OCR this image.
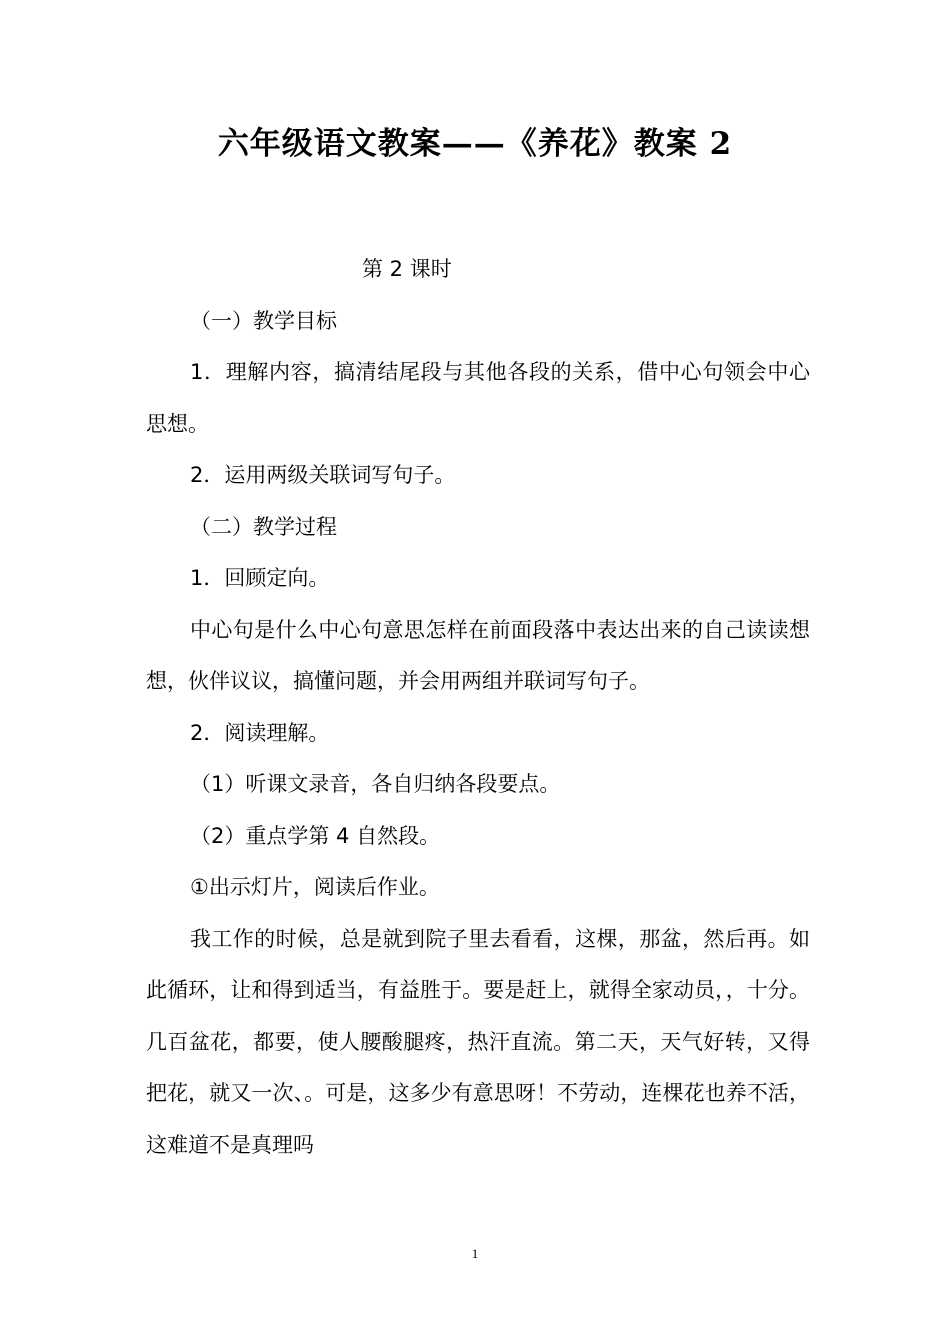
六年级语文教案——《养花》教案 2

第 2 课时

（一）教学目标

1．理解内容，搞清结尾段与其他各段的关系，借中心句领会中心思想。

2．运用两级关联词写句子。

（二）教学过程

1．回顾定向。

中心句是什么中心句意思怎样在前面段落中表达出来的自己读读想想，伙伴议议，搞懂问题，并会用两组并联词写句子。

2．阅读理解。

（1）听课文录音，各自归纳各段要点。

（2）重点学第 4 自然段。

①出示灯片，阅读后作业。

我工作的时候，总是就到院子里去看看，这棵，那盆，然后再。如此循环，让和得到适当，有益胜于。要是赶上，就得全家动员，，十分。几百盆花，都要，使人腰酸腿疼，热汗直流。第二天，天气好转，又得把花，就又一次、。可是，这多少有意思呀！不劳动，连棵花也养不活，这难道不是真理吗

1
